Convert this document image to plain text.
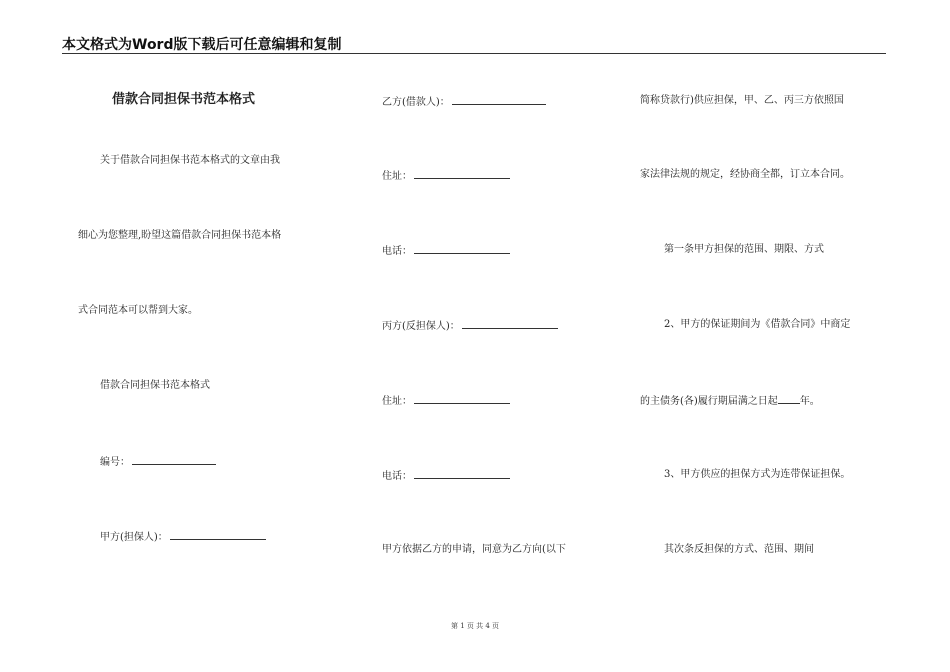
本文格式为Word版下载后可任意编辑和复制
借款合同担保书范本格式
关于借款合同担保书范本格式的文章由我
细心为您整理,盼望这篇借款合同担保书范本格
式合同范本可以帮到大家。
借款合同担保书范本格式
编号：
甲方(担保人)：
乙方(借款人)：
住址：
电话：
丙方(反担保人)：
住址：
电话：
甲方依据乙方的申请，同意为乙方向(以下
简称贷款行)供应担保，甲、乙、丙三方依照国
家法律法规的规定，经协商全都，订立本合同。
第一条甲方担保的范围、期限、方式
2、甲方的保证期间为《借款合同》中商定
的主债务(各)履行期届满之日起 年。
3、甲方供应的担保方式为连带保证担保。
其次条反担保的方式、范围、期间
第 1 页 共 4 页
